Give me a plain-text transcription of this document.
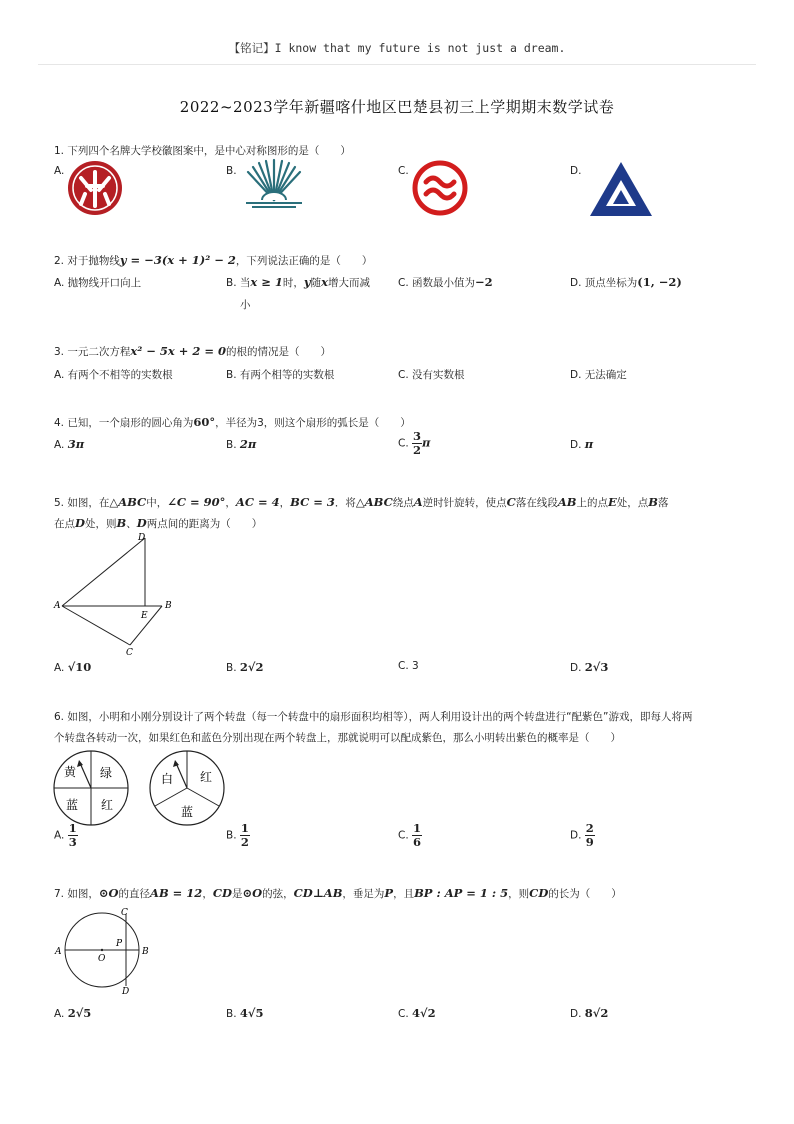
【铭记】I know that my future is not just a dream.
2022~2023学年新疆喀什地区巴楚县初三上学期期末数学试卷
1. 下列四个名牌大学校徽图案中，是中心对称图形的是（　　）
A.	B.	C.	D.
2. 对于抛物线y = −3(x + 1)² − 2，下列说法正确的是（　　）
A. 抛物线开口向上	B. 当x ≥ 1时，y随x增大而减
小
C. 函数最小值为−2	D. 顶点坐标为(1, −2)
3. 一元二次方程x² − 5x + 2 = 0的根的情况是（　　）
A. 有两个不相等的实数根	B. 有两个相等的实数根	C. 没有实数根	D. 无法确定
4. 已知，一个扇形的圆心角为60°，半径为3，则这个扇形的弧长是（　　）
A. 3π	B. 2π	C. $\frac{3}{2}$ π	D. π
5. 如图，在△ABC中，∠C = 90°，AC = 4，BC = 3．将△ABC绕点A逆时针旋转，使点C落在线段AB上的点E处，点B落
在点D处，则B、D两点间的距离为（　　）
D
A
E
B
C
A. √10	B. 2√2	C. 3	D. 2√3
6. 如图，小明和小刚分别设计了两个转盘（每一个转盘中的扇形面积均相等），两人利用设计出的两个转盘进行“配紫色”游戏，即每人将两
个转盘各转动一次，如果红色和蓝色分别出现在两个转盘上，那就说明可以配成紫色，那么小明转出紫色的概率是（　　）
黄 绿
蓝 红
白 红
蓝
A. $\frac{1}{3}$	B. $\frac{1}{2}$	C. $\frac{1}{6}$	D. $\frac{2}{9}$
7. 如图，⊙O的直径AB = 12，CD是⊙O的弦，CD⊥AB，垂足为P，且BP : AP = 1 : 5，则CD的长为（　　）
C
A
P
O
B
D
A. 2√5	B. 4√5	C. 4√2	D. 8√2
